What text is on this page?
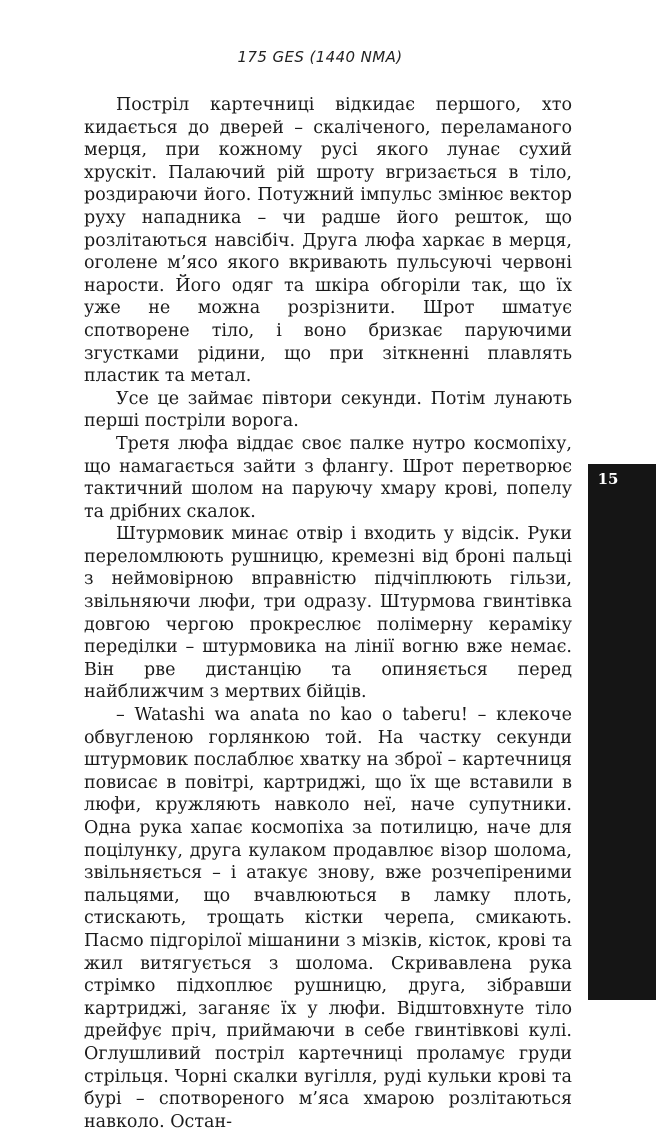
175 GES (1440 NMA)

Постріл картечниці відкидає першого, хто кидається до дверей – скаліченого, переламаного мерця, при кожному русі якого лунає сухий хрускіт. Палаючий рій шроту вгризається в тіло, роздираючи його. Потужний імпульс змінює вектор руху нападника – чи радше його решток, що розлітаються навсібіч. Друга люфа харкає в мерця, оголене м’ясо якого вкривають пульсуючі червоні нарости. Його одяг та шкіра обгоріли так, що їх уже не можна розрізнити. Шрот шматує спотворене тіло, і воно бризкає паруючими згустками рідини, що при зіткненні плавлять пластик та метал.

Усе це займає півтори секунди. Потім лунають перші постріли ворога.

Третя люфа віддає своє палке нутро космопіху, що намагається зайти з флангу. Шрот перетворює тактичний шолом на паруючу хмару крові, попелу та дрібних скалок.

Штурмовик минає отвір і входить у відсік. Руки переломлюють рушницю, кремезні від броні пальці з неймовірною вправністю підчіплюють гільзи, звільняючи люфи, три одразу. Штурмова гвинтівка довгою чергою прокреслює полімерну кераміку переділки – штурмовика на лінії вогню вже немає. Він рве дистанцію та опиняється перед найближчим з мертвих бійців.

– Watashi wa anata no kao o taberu! – клекоче обвугленою горлянкою той. На частку секунди штурмовик послаблює хватку на зброї – картечниця повисає в повітрі, картриджі, що їх ще вставили в люфи, кружляють навколо неї, наче супутники. Одна рука хапає космопіха за потилицю, наче для поцілунку, друга кулаком продавлює візор шолома, звільняється – і атакує знову, вже розчепіреними пальцями, що вчавлюються в ламку плоть, стискають, трощать кістки черепа, смикають. Пасмо підгорілої мішанини з мізків, кісток, крові та жил витягується з шолома. Скривавлена рука стрімко підхоплює рушницю, друга, зібравши картриджі, заганяє їх у люфи. Відштовхнуте тіло дрейфує пріч, приймаючи в себе гвинтівкові кулі. Оглушливий постріл картечниці проламує груди стрільця. Чорні скалки вугілля, руді кульки крові та бурі – спотвореного м’яса хмарою розлітаються навколо. Остан-

15
